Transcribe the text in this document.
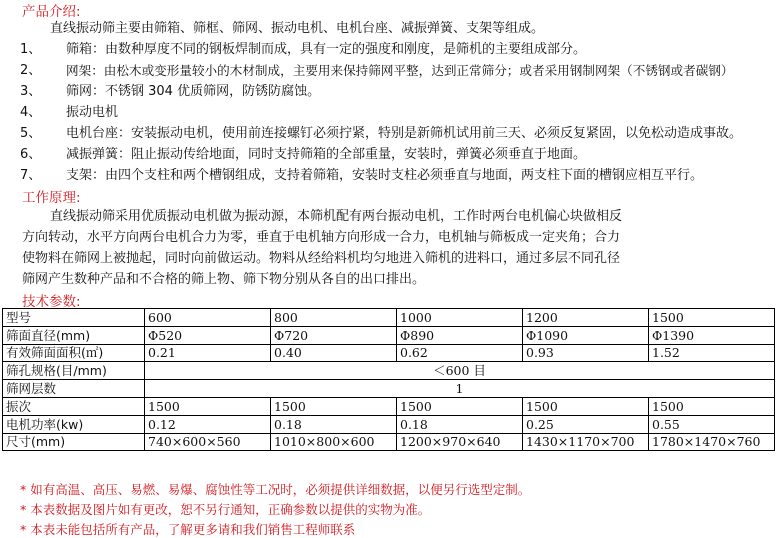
产品介绍:
直线振动筛主要由筛箱、筛框、筛网、振动电机、电机台座、减振弹簧、支架等组成。
1、 筛箱：由数种厚度不同的钢板焊制而成，具有一定的强度和刚度，是筛机的主要组成部分。
2、 网架：由松木或变形量较小的木材制成，主要用来保持筛网平整，达到正常筛分；或者采用钢制网架（不锈钢或者碳钢）
3、 筛网：不锈钢 304 优质筛网，防锈防腐蚀。
4、 振动电机
5、 电机台座：安装振动电机，使用前连接螺钉必须拧紧，特别是新筛机试用前三天、必须反复紧固，以免松动造成事故。
6、 减振弹簧：阻止振动传给地面，同时支持筛箱的全部重量，安装时，弹簧必须垂直于地面。
7、 支架：由四个支柱和两个槽钢组成，支持着筛箱，安装时支柱必须垂直与地面，两支柱下面的槽钢应相互平行。
工作原理:
直线振动筛采用优质振动电机做为振动源，本筛机配有两台振动电机，工作时两台电机偏心块做相反
方向转动，水平方向两台电机合力为零，垂直于电机轴方向形成一合力，电机轴与筛板成一定夹角；合力
使物料在筛网上被抛起，同时向前做运动。物料从经给料机均匀地进入筛机的进料口，通过多层不同孔径
筛网产生数种产品和不合格的筛上物、筛下物分别从各自的出口排出。
技术参数:
型号	600	800	1000	1200	1500
筛面直径(mm)	Φ520	Φ720	Φ890	Φ1090	Φ1390
有效筛面面积(㎡)	0.21	0.40	0.62	0.93	1.52
筛孔规格(目/mm)	＜600 目				
筛网层数	1				
振次	1500	1500	1500	1500	1500
电机功率(kw)	0.12	0.18	0.18	0.25	0.55
尺寸(mm)	740×600×560	1010×800×600	1200×970×640	1430×1170×700	1780×1470×760
* 如有高温、高压、易燃、易爆、腐蚀性等工况时，必须提供详细数据，以便另行选型定制。
* 本表数据及图片如有更改，恕不另行通知，正确参数以提供的实物为准。
* 本表未能包括所有产品，了解更多请和我们销售工程师联系
